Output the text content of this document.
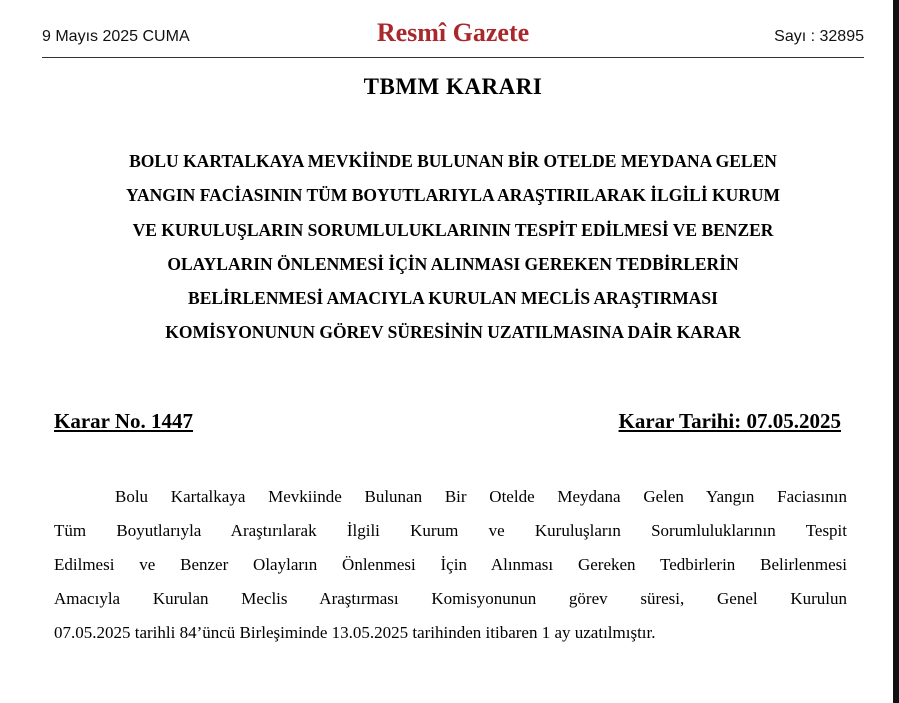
9 Mayıs 2025 CUMA	Resmî Gazete	Sayı : 32895
TBMM KARARI
BOLU KARTALKAYA MEVKİİNDE BULUNAN BİR OTELDE MEYDANA GELEN
YANGIN FACİASININ TÜM BOYUTLARIYLA ARAŞTIRILARAK İLGİLİ KURUM
VE KURULUŞLARIN SORUMLULUKLARININ TESPİT EDİLMESİ VE BENZER
OLAYLARIN ÖNLENMESİ İÇİN ALINMASI GEREKEN TEDBİRLERİN
BELİRLENMESİ AMACIYLA KURULAN MECLİS ARAŞTIRMASI
KOMİSYONUNUN GÖREV SÜRESİNİN UZATILMASINA DAİR KARAR
Karar No. 1447	Karar Tarihi: 07.05.2025
Bolu Kartalkaya Mevkiinde Bulunan Bir Otelde Meydana Gelen Yangın Faciasının
Tüm Boyutlarıyla Araştırılarak İlgili Kurum ve Kuruluşların Sorumluluklarının Tespit
Edilmesi ve Benzer Olayların Önlenmesi İçin Alınması Gereken Tedbirlerin Belirlenmesi
Amacıyla Kurulan Meclis Araştırması Komisyonunun görev süresi, Genel Kurulun
07.05.2025 tarihli 84’üncü Birleşiminde 13.05.2025 tarihinden itibaren 1 ay uzatılmıştır.
